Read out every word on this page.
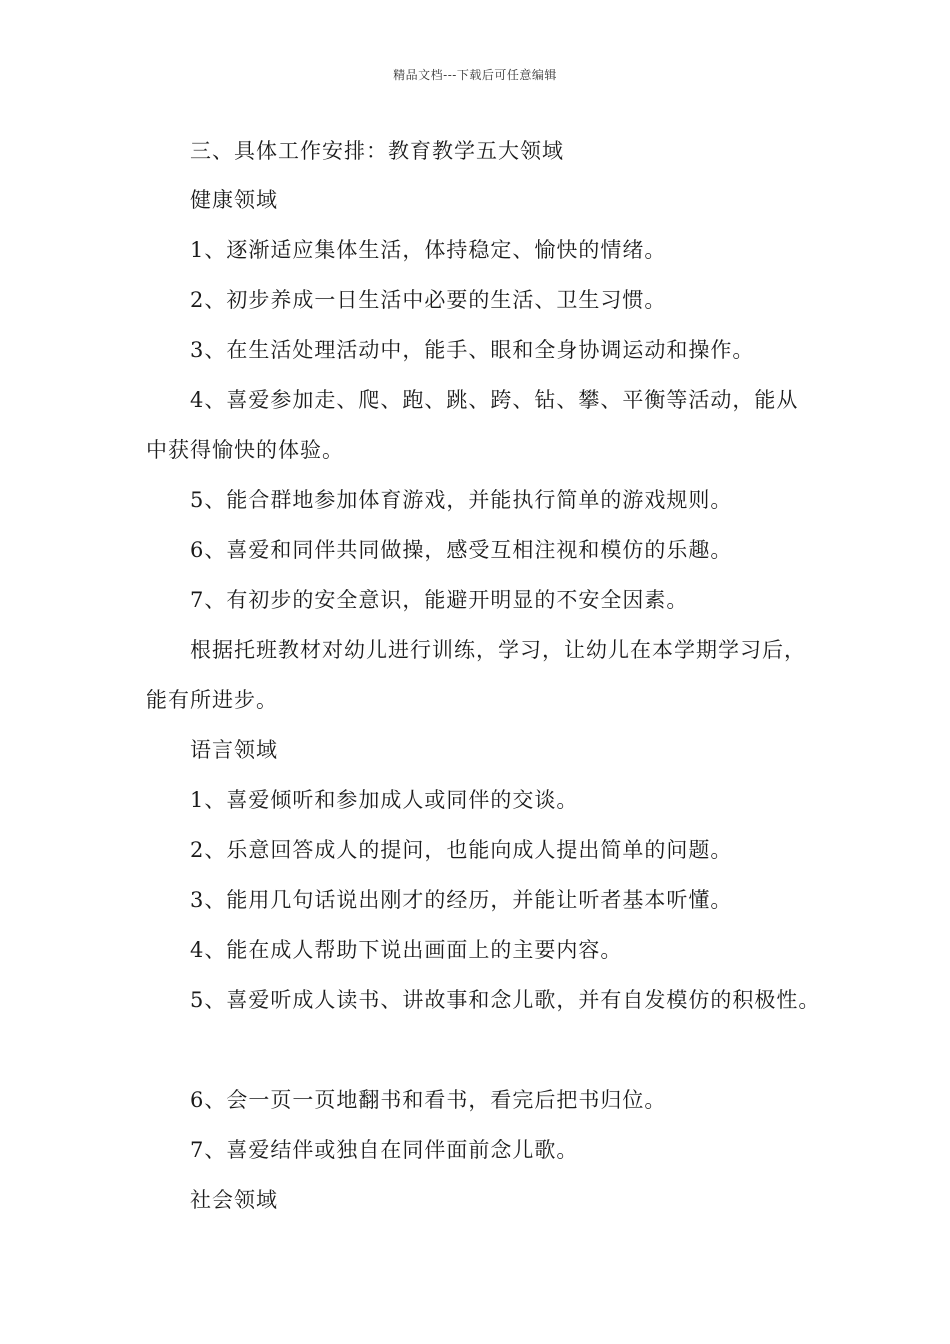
精品文档---下载后可任意编辑
三、具体工作安排：教育教学五大领域
健康领域
1、逐渐适应集体生活，体持稳定、愉快的情绪。
2、初步养成一日生活中必要的生活、卫生习惯。
3、在生活处理活动中，能手、眼和全身协调运动和操作。
4、喜爱参加走、爬、跑、跳、跨、钻、攀、平衡等活动，能从
中获得愉快的体验。
5、能合群地参加体育游戏，并能执行简单的游戏规则。
6、喜爱和同伴共同做操，感受互相注视和模仿的乐趣。
7、有初步的安全意识，能避开明显的不安全因素。
根据托班教材对幼儿进行训练，学习，让幼儿在本学期学习后，
能有所进步。
语言领域
1、喜爱倾听和参加成人或同伴的交谈。
2、乐意回答成人的提问，也能向成人提出简单的问题。
3、能用几句话说出刚才的经历，并能让听者基本听懂。
4、能在成人帮助下说出画面上的主要内容。
5、喜爱听成人读书、讲故事和念儿歌，并有自发模仿的积极性。
6、会一页一页地翻书和看书，看完后把书归位。
7、喜爱结伴或独自在同伴面前念儿歌。
社会领域
